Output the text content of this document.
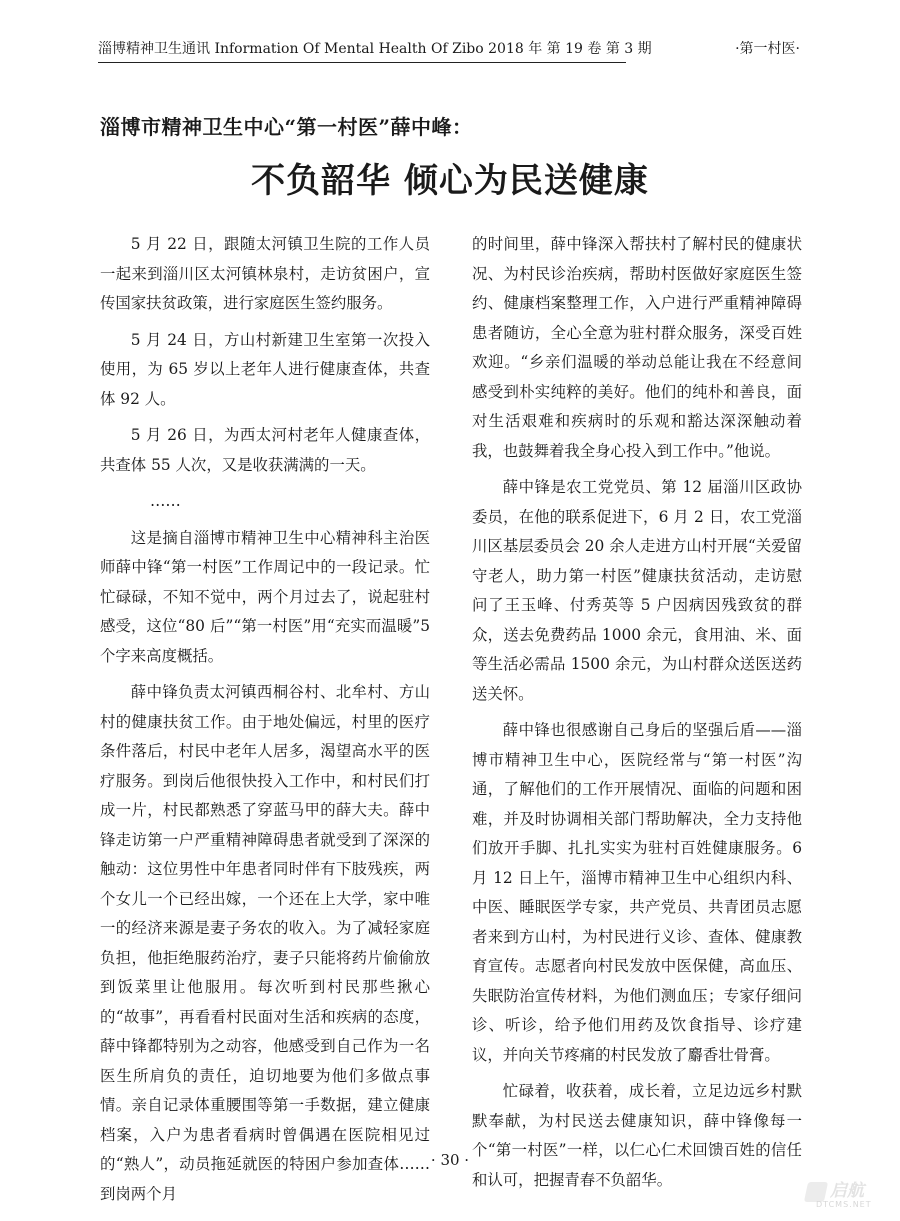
淄博精神卫生通讯 Information Of Mental Health Of Zibo 2018 年 第 19 卷 第 3 期	·第一村医·
淄博市精神卫生中心“第一村医”薛中峰：
不负韶华 倾心为民送健康

5 月 22 日，跟随太河镇卫生院的工作人员一起来到淄川区太河镇林泉村，走访贫困户，宣传国家扶贫政策，进行家庭医生签约服务。

5 月 24 日，方山村新建卫生室第一次投入使用，为 65 岁以上老年人进行健康查体，共查体 92 人。

5 月 26 日，为西太河村老年人健康查体，共查体 55 人次，又是收获满满的一天。

……

这是摘自淄博市精神卫生中心精神科主治医师薛中锋“第一村医”工作周记中的一段记录。忙忙碌碌，不知不觉中，两个月过去了，说起驻村感受，这位“80 后”“第一村医”用“充实而温暖”5 个字来高度概括。

薛中锋负责太河镇西桐谷村、北牟村、方山村的健康扶贫工作。由于地处偏远，村里的医疗条件落后，村民中老年人居多，渴望高水平的医疗服务。到岗后他很快投入工作中，和村民们打成一片，村民都熟悉了穿蓝马甲的薛大夫。薛中锋走访第一户严重精神障碍患者就受到了深深的触动：这位男性中年患者同时伴有下肢残疾，两个女儿一个已经出嫁，一个还在上大学，家中唯一的经济来源是妻子务农的收入。为了减轻家庭负担，他拒绝服药治疗，妻子只能将药片偷偷放到饭菜里让他服用。每次听到村民那些揪心的“故事”，再看看村民面对生活和疾病的态度，薛中锋都特别为之动容，他感受到自己作为一名医生所肩负的责任，迫切地要为他们多做点事情。亲自记录体重腰围等第一手数据，建立健康档案，入户为患者看病时曾偶遇在医院相见过的“熟人”，动员拖延就医的特困户参加查体……到岗两个月

的时间里，薛中锋深入帮扶村了解村民的健康状况、为村民诊治疾病，帮助村医做好家庭医生签约、健康档案整理工作，入户进行严重精神障碍患者随访，全心全意为驻村群众服务，深受百姓欢迎。“乡亲们温暖的举动总能让我在不经意间感受到朴实纯粹的美好。他们的纯朴和善良，面对生活艰难和疾病时的乐观和豁达深深触动着我，也鼓舞着我全身心投入到工作中。”他说。

薛中锋是农工党党员、第 12 届淄川区政协委员，在他的联系促进下，6 月 2 日，农工党淄川区基层委员会 20 余人走进方山村开展“关爱留守老人，助力第一村医”健康扶贫活动，走访慰问了王玉峰、付秀英等 5 户因病因残致贫的群众，送去免费药品 1000 余元，食用油、米、面等生活必需品 1500 余元，为山村群众送医送药送关怀。

薛中锋也很感谢自己身后的坚强后盾——淄博市精神卫生中心，医院经常与“第一村医”沟通，了解他们的工作开展情况、面临的问题和困难，并及时协调相关部门帮助解决，全力支持他们放开手脚、扎扎实实为驻村百姓健康服务。6 月 12 日上午，淄博市精神卫生中心组织内科、中医、睡眠医学专家，共产党员、共青团员志愿者来到方山村，为村民进行义诊、查体、健康教育宣传。志愿者向村民发放中医保健，高血压、失眠防治宣传材料，为他们测血压；专家仔细问诊、听诊，给予他们用药及饮食指导、诊疗建议，并向关节疼痛的村民发放了麝香壮骨膏。

忙碌着，收获着，成长着，立足边远乡村默默奉献，为村民送去健康知识，薛中锋像每一个“第一村医”一样，以仁心仁术回馈百姓的信任和认可，把握青春不负韶华。

· 30 ·
启航
DTCMS.NET
